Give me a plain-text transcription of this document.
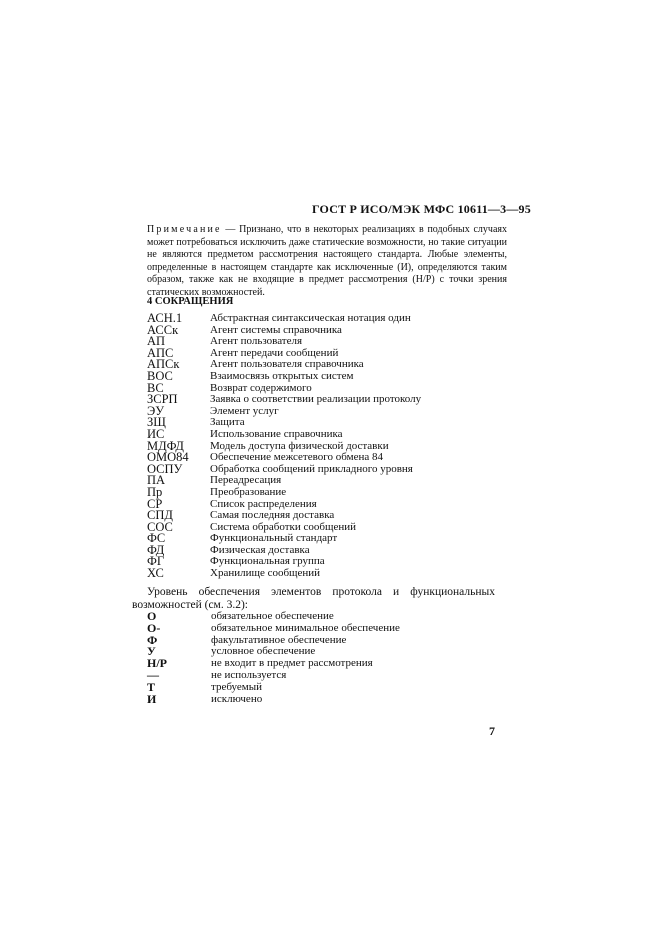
ГОСТ Р ИСО/МЭК МФС 10611—3—95
Примечание — Признано, что в некоторых реализациях в подобных случаях может потребоваться исключить даже статические возможности, но такие ситуации не являются предметом рассмотрения настоящего стандарта. Любые элементы, определенные в настоящем стандарте как исключенные (И), определяются таким образом, также как не входящие в предмет рассмотрения (Н/Р) с точки зрения статических возможностей.
4 СОКРАЩЕНИЯ
АСН.1	Абстрактная синтаксическая нотация один
АССк	Агент системы справочника
АП	Агент пользователя
АПС	Агент передачи сообщений
АПСк	Агент пользователя справочника
ВОС	Взаимосвязь открытых систем
ВС	Возврат содержимого
ЗСРП	Заявка о соответствии реализации протоколу
ЭУ	Элемент услуг
ЗЩ	Защита
ИС	Использование справочника
МДФД	Модель доступа физической доставки
ОМО84	Обеспечение межсетевого обмена 84
ОСПУ	Обработка сообщений прикладного уровня
ПА	Переадресация
Пр	Преобразование
СР	Список распределения
СПД	Самая последняя доставка
СОС	Система обработки сообщений
ФС	Функциональный стандарт
ФД	Физическая доставка
ФГ	Функциональная группа
ХС	Хранилище сообщений
Уровень обеспечения элементов протокола и функциональных
возможностей (см. 3.2):
О	обязательное обеспечение
О-	обязательное минимальное обеспечение
Ф	факультативное обеспечение
У	условное обеспечение
Н/Р	не входит в предмет рассмотрения
—	не используется
Т	требуемый
И	исключено
7
